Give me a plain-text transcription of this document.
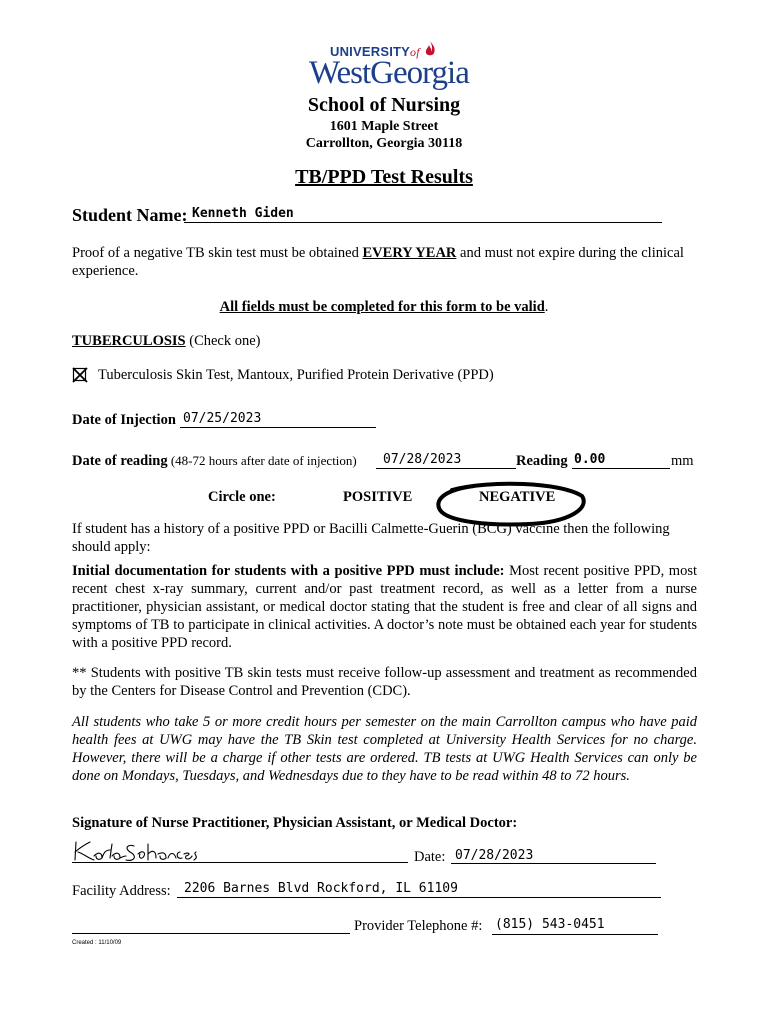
UNIVERSITYof
WestGeorgia
School of Nursing
1601 Maple Street
Carrollton, Georgia 30118
TB/PPD Test Results
Student Name: Kenneth Giden
Proof of a negative TB skin test must be obtained EVERY YEAR and must not expire during the clinical experience.
All fields must be completed for this form to be valid.
TUBERCULOSIS (Check one)
Tuberculosis Skin Test, Mantoux, Purified Protein Derivative (PPD)
Date of Injection 07/25/2023
Date of reading (48-72 hours after date of injection) 07/28/2023	Reading 0.00	mm
Circle one:	POSITIVE	NEGATIVE
If student has a history of a positive PPD or Bacilli Calmette-Guerin (BCG) vaccine then the following should apply:
Initial documentation for students with a positive PPD must include: Most recent positive PPD, most recent chest x-ray summary, current and/or past treatment record, as well as a letter from a nurse practitioner, physician assistant, or medical doctor stating that the student is free and clear of all signs and symptoms of TB to participate in clinical activities. A doctor’s note must be obtained each year for students with a positive PPD record.
** Students with positive TB skin tests must receive follow-up assessment and treatment as recommended by the Centers for Disease Control and Prevention (CDC).
All students who take 5 or more credit hours per semester on the main Carrollton campus who have paid health fees at UWG may have the TB Skin test completed at University Health Services for no charge. However, there will be a charge if other tests are ordered. TB tests at UWG Health Services can only be done on Mondays, Tuesdays, and Wednesdays due to they have to be read within 48 to 72 hours.
Signature of Nurse Practitioner, Physician Assistant, or Medical Doctor:
Date: 07/28/2023
Facility Address: 2206 Barnes Blvd Rockford, IL 61109
Provider Telephone #: (815) 543-0451
Created : 11/10/09
